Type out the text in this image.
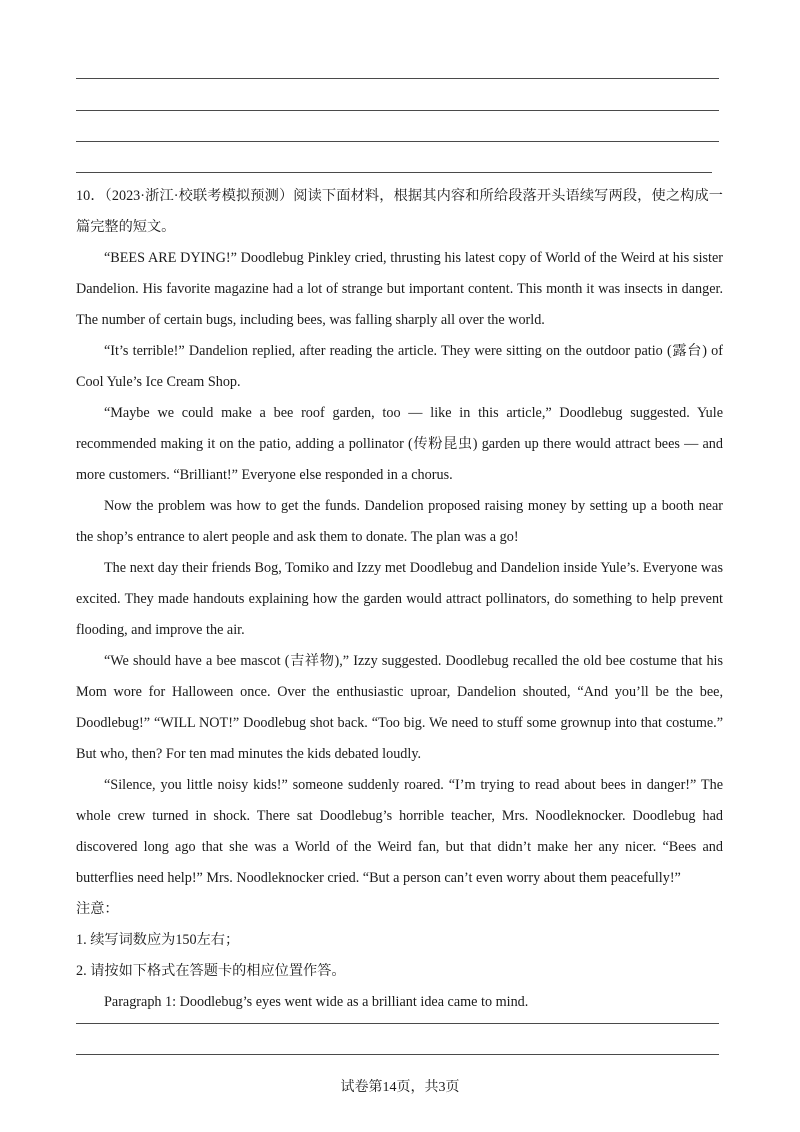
10．（2023·浙江·校联考模拟预测）阅读下面材料，根据其内容和所给段落开头语续写两段，使之构成一篇完整的短文。

“BEES ARE DYING!” Doodlebug Pinkley cried, thrusting his latest copy of World of the Weird at his sister Dandelion. His favorite magazine had a lot of strange but important content. This month it was insects in danger. The number of certain bugs, including bees, was falling sharply all over the world.

“It’s terrible!” Dandelion replied, after reading the article. They were sitting on the outdoor patio (露台) of Cool Yule’s Ice Cream Shop.

“Maybe we could make a bee roof garden, too — like in this article,” Doodlebug suggested. Yule recommended making it on the patio, adding a pollinator (传粉昆虫) garden up there would attract bees — and more customers. “Brilliant!” Everyone else responded in a chorus.

Now the problem was how to get the funds. Dandelion proposed raising money by setting up a booth near the shop’s entrance to alert people and ask them to donate. The plan was a go!

The next day their friends Bog, Tomiko and Izzy met Doodlebug and Dandelion inside Yule’s. Everyone was excited. They made handouts explaining how the garden would attract pollinators, do something to help prevent flooding, and improve the air.

“We should have a bee mascot (吉祥物),” Izzy suggested. Doodlebug recalled the old bee costume that his Mom wore for Halloween once. Over the enthusiastic uproar, Dandelion shouted, “And you’ll be the bee, Doodlebug!” “WILL NOT!” Doodlebug shot back. “Too big. We need to stuff some grownup into that costume.” But who, then? For ten mad minutes the kids debated loudly.

“Silence, you little noisy kids!” someone suddenly roared. “I’m trying to read about bees in danger!” The whole crew turned in shock. There sat Doodlebug’s horrible teacher, Mrs. Noodleknocker. Doodlebug had discovered long ago that she was a World of the Weird fan, but that didn’t make her any nicer. “Bees and butterflies need help!” Mrs. Noodleknocker cried. “But a person can’t even worry about them peacefully!”

注意：

1. 续写词数应为150左右；

2. 请按如下格式在答题卡的相应位置作答。

Paragraph 1: Doodlebug’s eyes went wide as a brilliant idea came to mind.

试卷第14页，共3页
